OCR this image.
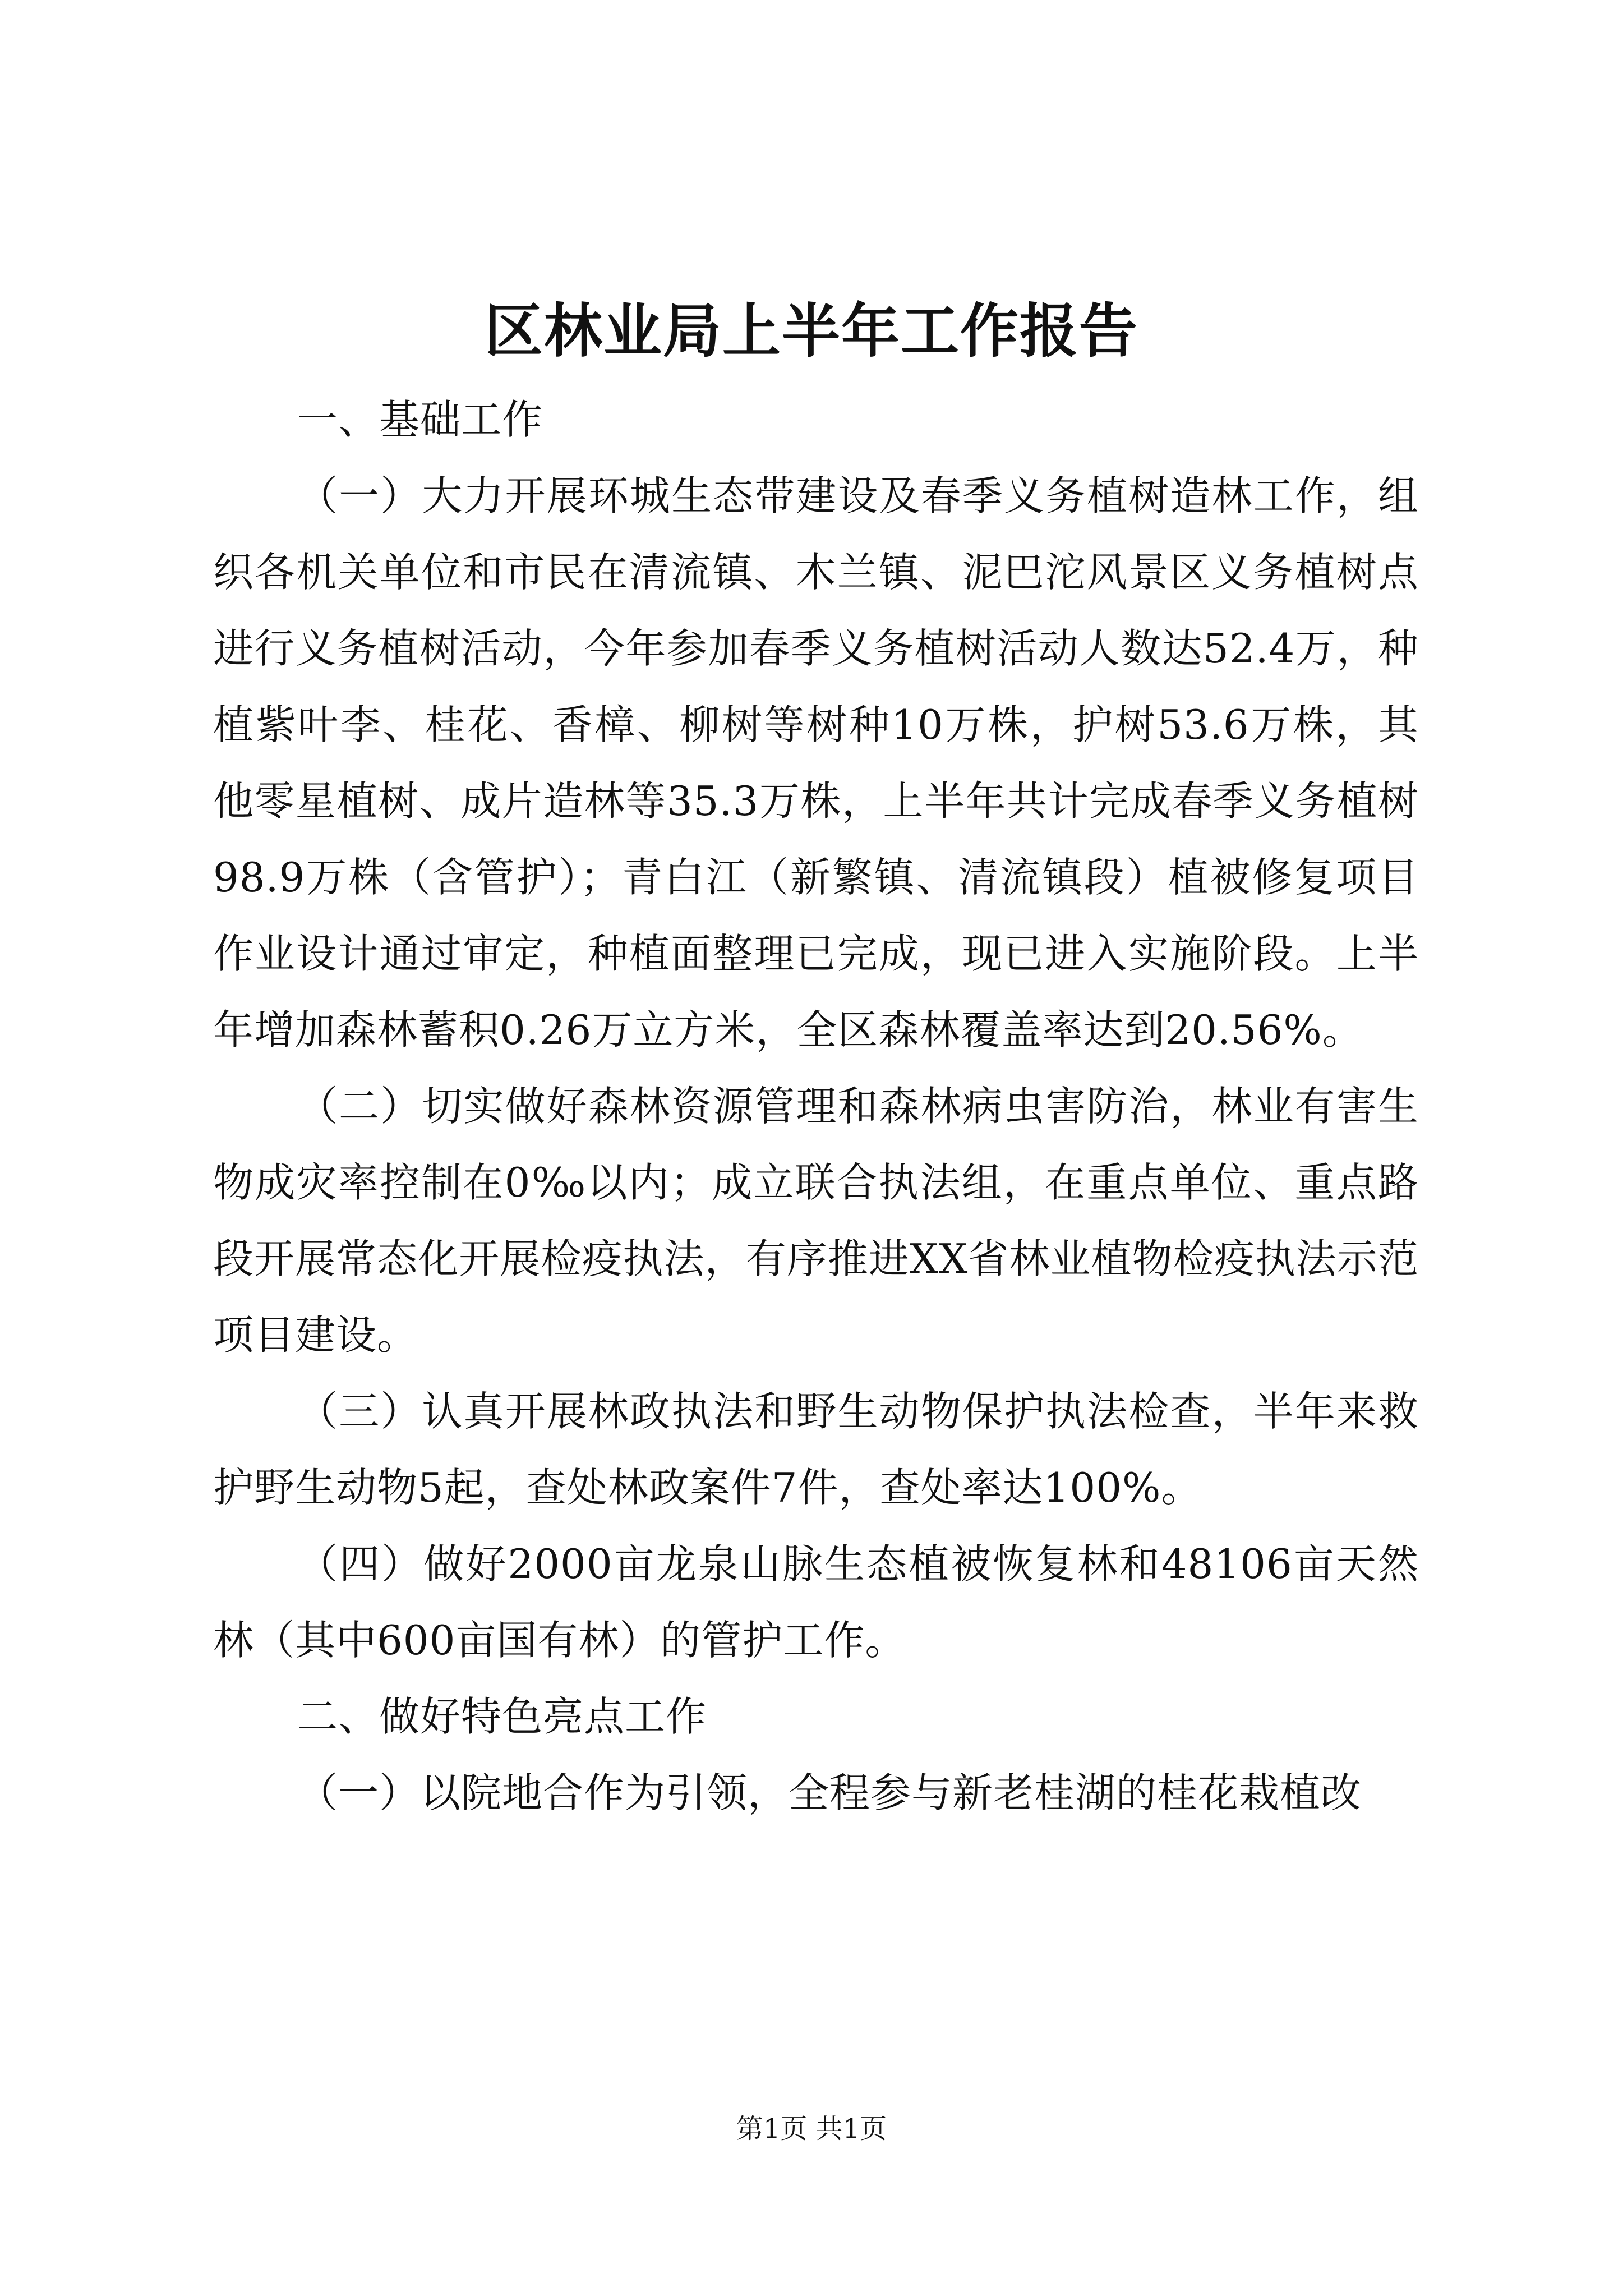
区林业局上半年工作报告

一、基础工作

（一）大力开展环城生态带建设及春季义务植树造林工作，组织各机关单位和市民在清流镇、木兰镇、泥巴沱风景区义务植树点进行义务植树活动，今年参加春季义务植树活动人数达52.4万，种植紫叶李、桂花、香樟、柳树等树种10万株，护树53.6万株，其他零星植树、成片造林等35.3万株，上半年共计完成春季义务植树98.9万株（含管护）；青白江（新繁镇、清流镇段）植被修复项目作业设计通过审定，种植面整理已完成，现已进入实施阶段。上半年增加森林蓄积0.26万立方米，全区森林覆盖率达到20.56%。

（二）切实做好森林资源管理和森林病虫害防治，林业有害生物成灾率控制在0‰以内；成立联合执法组，在重点单位、重点路段开展常态化开展检疫执法，有序推进XX省林业植物检疫执法示范项目建设。

（三）认真开展林政执法和野生动物保护执法检查，半年来救护野生动物5起，查处林政案件7件，查处率达100%。

（四）做好2000亩龙泉山脉生态植被恢复林和48106亩天然林（其中600亩国有林）的管护工作。

二、做好特色亮点工作

（一）以院地合作为引领，全程参与新老桂湖的桂花栽植改

第1页 共1页
